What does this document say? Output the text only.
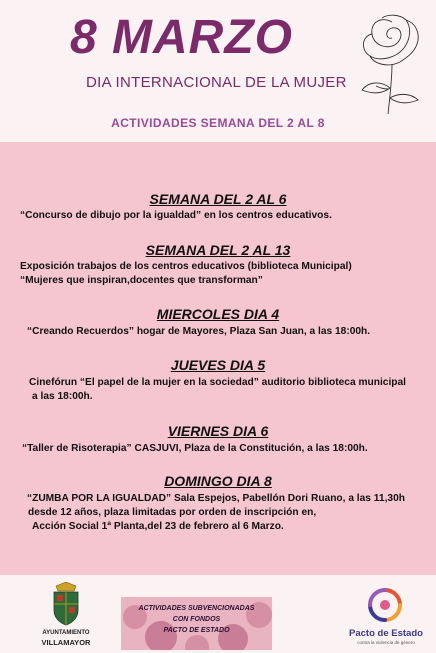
8 MARZO
DIA INTERNACIONAL DE LA MUJER
ACTIVIDADES SEMANA DEL 2 AL 8
SEMANA DEL 2 AL 6
“Concurso de dibujo por la igualdad” en los centros educativos.
SEMANA DEL 2 AL 13
Exposición trabajos de los centros educativos (biblioteca Municipal)
“Mujeres que inspiran,docentes que transforman”
MIERCOLES DIA 4
“Creando Recuerdos” hogar de Mayores, Plaza San Juan, a las 18:00h.
JUEVES DIA 5
Cinefórun “El papel de la mujer en la sociedad” auditorio biblioteca municipal
a las 18:00h.
VIERNES DIA 6
“Taller de Risoterapia” CASJUVI, Plaza de la Constitución, a las 18:00h.
DOMINGO DIA 8
“ZUMBA POR LA IGUALDAD” Sala Espejos, Pabellón Dori Ruano, a las 11,30h
desde 12 años, plaza limitadas por orden de inscripción en,
Acción Social 1ª Planta,del 23 de febrero al 6 Marzo.
AYUNTAMIENTO
VILLAMAYOR
ACTIVIDADES SUBVENCIONADAS
CON FONDOS
PACTO DE ESTADO	Pacto de Estado
contra la violencia de género
